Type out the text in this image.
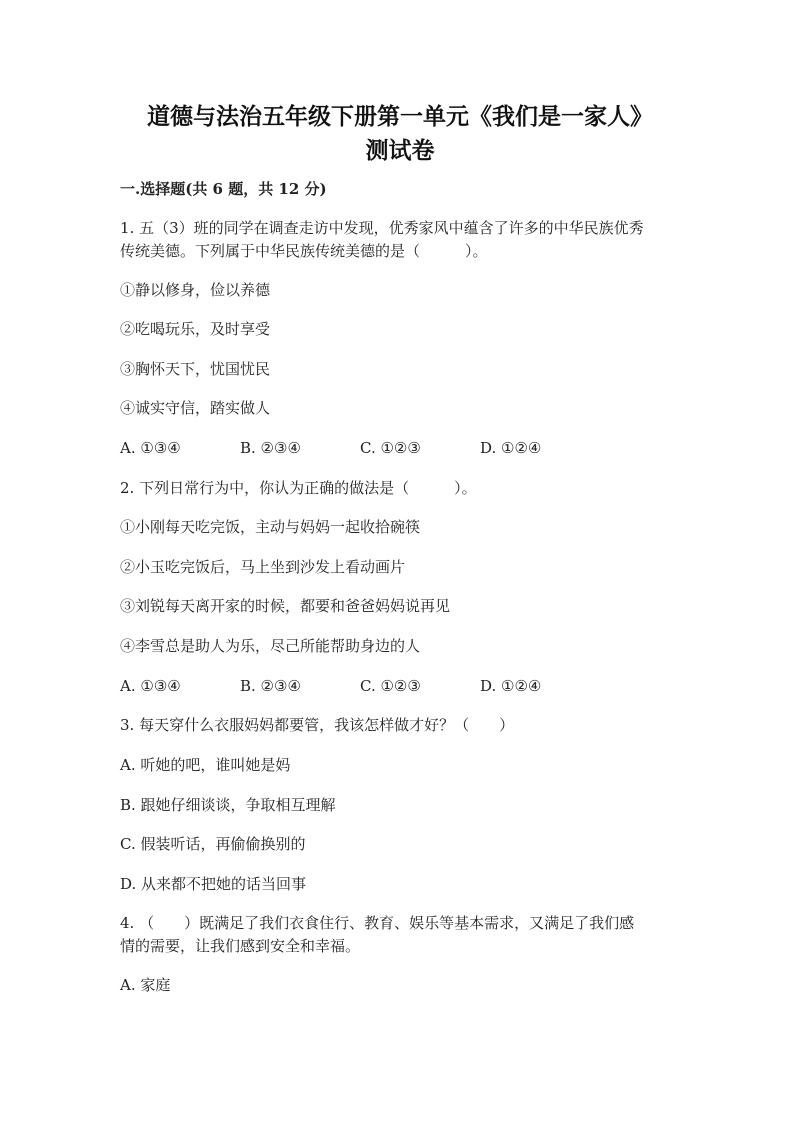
道德与法治五年级下册第一单元《我们是一家人》
测试卷

一.选择题(共 6 题，共 12 分)

1. 五（3）班的同学在调查走访中发现，优秀家风中蕴含了许多的中华民族优秀

传统美德。下列属于中华民族传统美德的是（　　　）。

①静以修身，俭以养德

②吃喝玩乐，及时享受

③胸怀天下，忧国忧民

④诚实守信，踏实做人

A. ①③④	B. ②③④	C. ①②③	D. ①②④

2. 下列日常行为中，你认为正确的做法是（　　　）。

①小刚每天吃完饭，主动与妈妈一起收拾碗筷

②小玉吃完饭后，马上坐到沙发上看动画片

③刘锐每天离开家的时候，都要和爸爸妈妈说再见

④李雪总是助人为乐，尽己所能帮助身边的人

A. ①③④	B. ②③④	C. ①②③	D. ①②④

3. 每天穿什么衣服妈妈都要管，我该怎样做才好？（　　）

A. 听她的吧，谁叫她是妈

B. 跟她仔细谈谈，争取相互理解

C. 假装听话，再偷偷换别的

D. 从来都不把她的话当回事

4. （　　）既满足了我们衣食住行、教育、娱乐等基本需求，又满足了我们感

情的需要，让我们感到安全和幸福。

A. 家庭
